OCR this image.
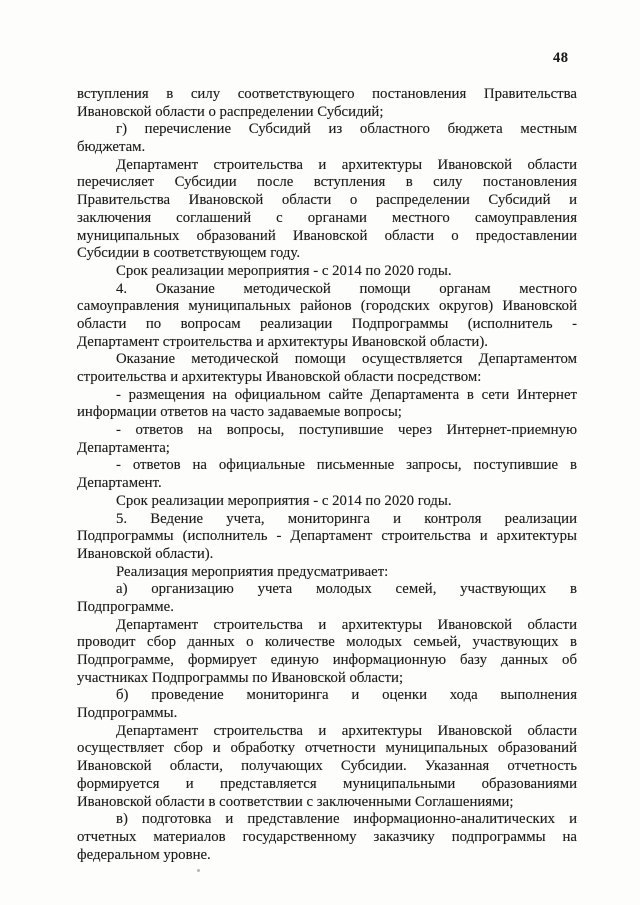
48
вступления в силу соответствующего постановления Правительства
Ивановской области о распределении Субсидий;
г) перечисление Субсидий из областного бюджета местным
бюджетам.
Департамент строительства и архитектуры Ивановской области
перечисляет Субсидии после вступления в силу постановления
Правительства Ивановской области о распределении Субсидий и
заключения соглашений с органами местного самоуправления
муниципальных образований Ивановской области о предоставлении
Субсидии в соответствующем году.
Срок реализации мероприятия - с 2014 по 2020 годы.
4. Оказание методической помощи органам местного
самоуправления муниципальных районов (городских округов) Ивановской
области по вопросам реализации Подпрограммы (исполнитель -
Департамент строительства и архитектуры Ивановской области).
Оказание методической помощи осуществляется Департаментом
строительства и архитектуры Ивановской области посредством:
- размещения на официальном сайте Департамента в сети Интернет
информации ответов на часто задаваемые вопросы;
- ответов на вопросы, поступившие через Интернет-приемную
Департамента;
- ответов на официальные письменные запросы, поступившие в
Департамент.
Срок реализации мероприятия - с 2014 по 2020 годы.
5. Ведение учета, мониторинга и контроля реализации
Подпрограммы (исполнитель - Департамент строительства и архитектуры
Ивановской области).
Реализация мероприятия предусматривает:
а) организацию учета молодых семей, участвующих в
Подпрограмме.
Департамент строительства и архитектуры Ивановской области
проводит сбор данных о количестве молодых семьей, участвующих в
Подпрограмме, формирует единую информационную базу данных об
участниках Подпрограммы по Ивановской области;
б) проведение мониторинга и оценки хода выполнения
Подпрограммы.
Департамент строительства и архитектуры Ивановской области
осуществляет сбор и обработку отчетности муниципальных образований
Ивановской области, получающих Субсидии. Указанная отчетность
формируется и представляется муниципальными образованиями
Ивановской области в соответствии с заключенными Соглашениями;
в) подготовка и представление информационно-аналитических и
отчетных материалов государственному заказчику подпрограммы на
федеральном уровне.
